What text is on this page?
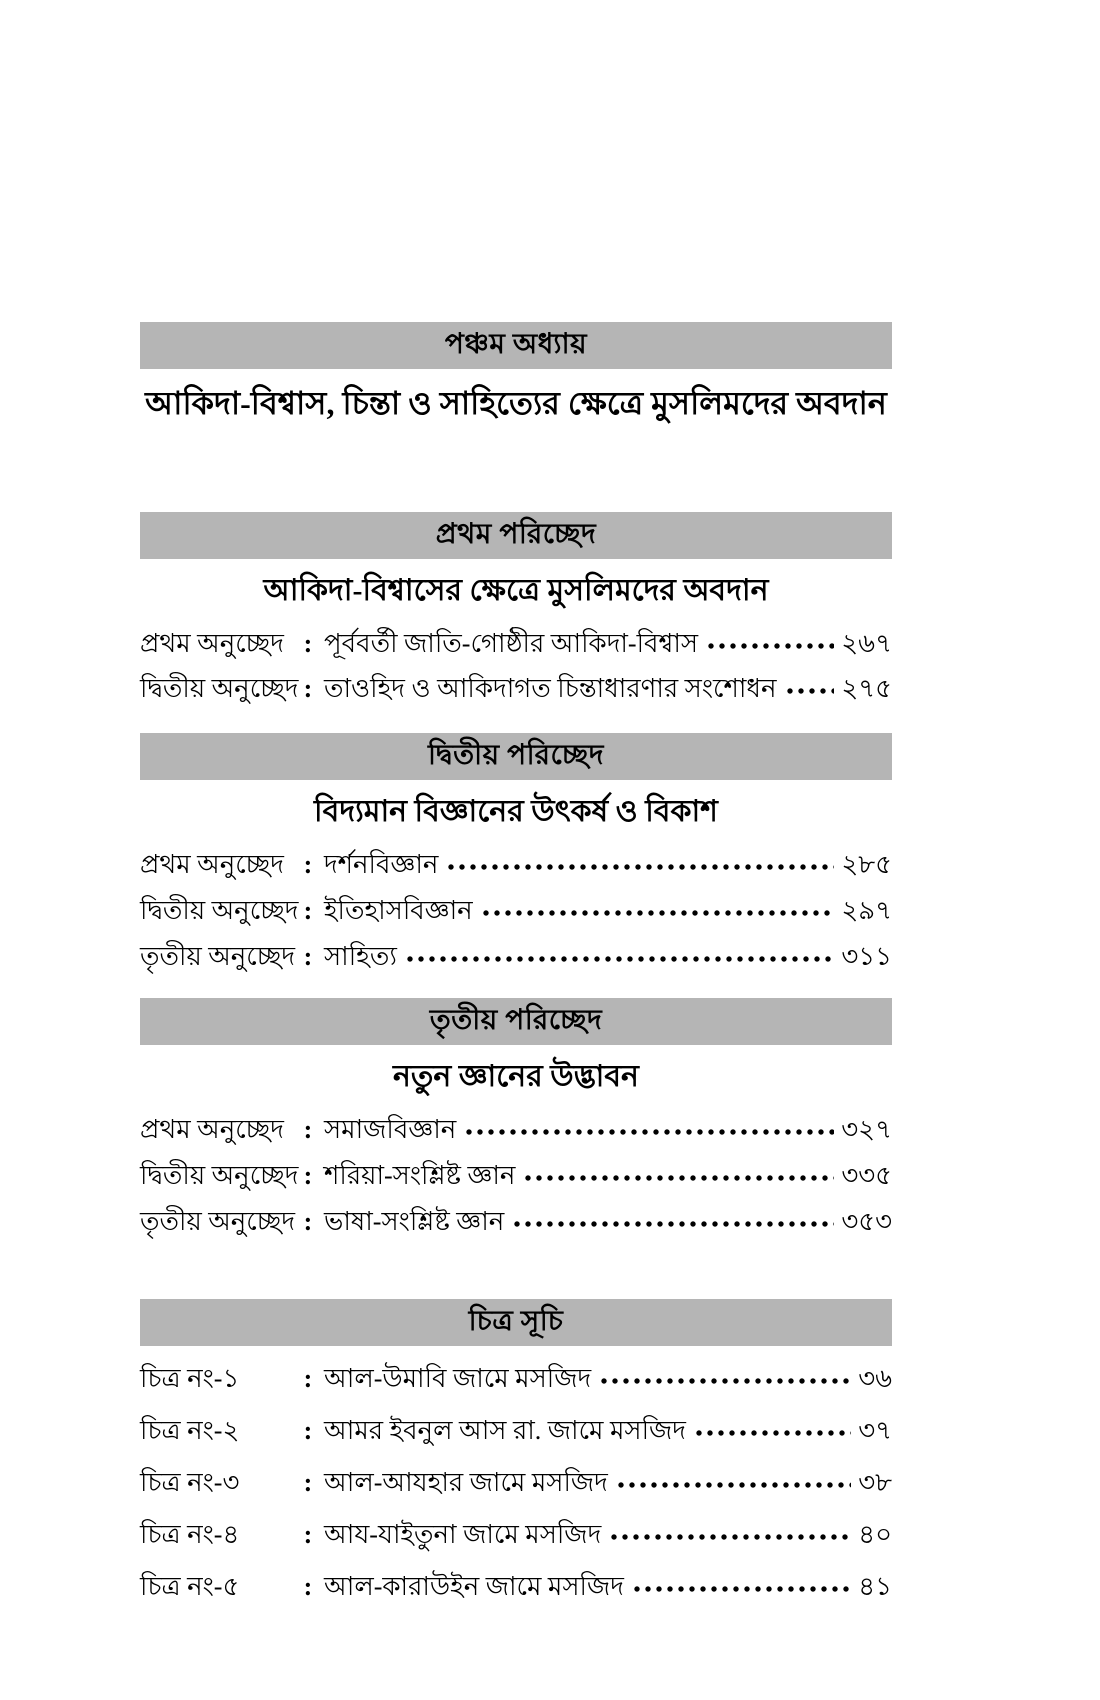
পঞ্চম অধ্যায়
আকিদা-বিশ্বাস, চিন্তা ও সাহিত্যের ক্ষেত্রে মুসলিমদের অবদান
প্রথম পরিচ্ছেদ
আকিদা-বিশ্বাসের ক্ষেত্রে মুসলিমদের অবদান
প্রথম অনুচ্ছেদ : পূর্ববর্তী জাতি-গোষ্ঠীর আকিদা-বিশ্বাস	২৬৭
দ্বিতীয় অনুচ্ছেদ : তাওহিদ ও আকিদাগত চিন্তাধারণার সংশোধন ২৭৫
দ্বিতীয় পরিচ্ছেদ
বিদ্যমান বিজ্ঞানের উৎকর্ষ ও বিকাশ
প্রথম অনুচ্ছেদ : দর্শনবিজ্ঞান	২৮৫
দ্বিতীয় অনুচ্ছেদ : ইতিহাসবিজ্ঞান	২৯৭
তৃতীয় অনুচ্ছেদ : সাহিত্য	৩১১
তৃতীয় পরিচ্ছেদ
নতুন জ্ঞানের উদ্ভাবন
প্রথম অনুচ্ছেদ : সমাজবিজ্ঞান	৩২৭
দ্বিতীয় অনুচ্ছেদ : শরিয়া-সংশ্লিষ্ট জ্ঞান	৩৩৫
তৃতীয় অনুচ্ছেদ : ভাষা-সংশ্লিষ্ট জ্ঞান	৩৫৩
চিত্র সূচি
চিত্র নং-১	: আল-উমাবি জামে মসজিদ	৩৬
চিত্র নং-২	: আমর ইবনুল আস রা. জামে মসজিদ	৩৭
চিত্র নং-৩	: আল-আযহার জামে মসজিদ	৩৮
চিত্র নং-৪	: আয-যাইতুনা জামে মসজিদ	৪০
চিত্র নং-৫	: আল-কারাউইন জামে মসজিদ	৪১
